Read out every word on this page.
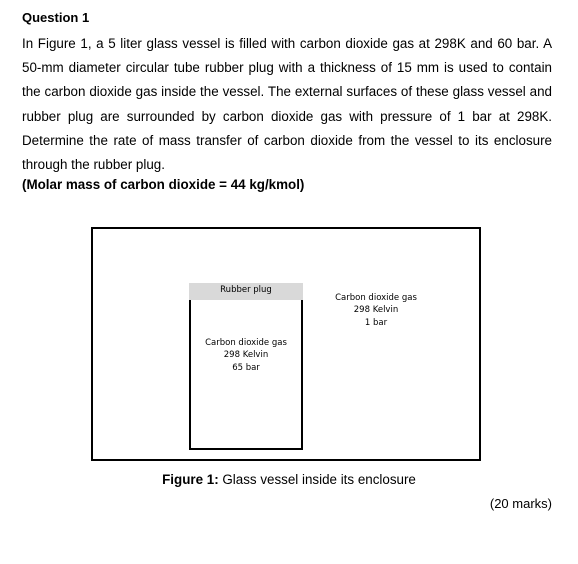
Question 1

In Figure 1, a 5 liter glass vessel is filled with carbon dioxide gas at 298K and 60 bar. A 50-mm diameter circular tube rubber plug with a thickness of 15 mm is used to contain the carbon dioxide gas inside the vessel. The external surfaces of these glass vessel and rubber plug are surrounded by carbon dioxide gas with pressure of 1 bar at 298K. Determine the rate of mass transfer of carbon dioxide from the vessel to its enclosure through the rubber plug.

(Molar mass of carbon dioxide = 44 kg/kmol)

Rubber plug
Carbon dioxide gas
298 Kelvin
65 bar
Carbon dioxide gas
298 Kelvin
1 bar

Figure 1: Glass vessel inside its enclosure

(20 marks)
